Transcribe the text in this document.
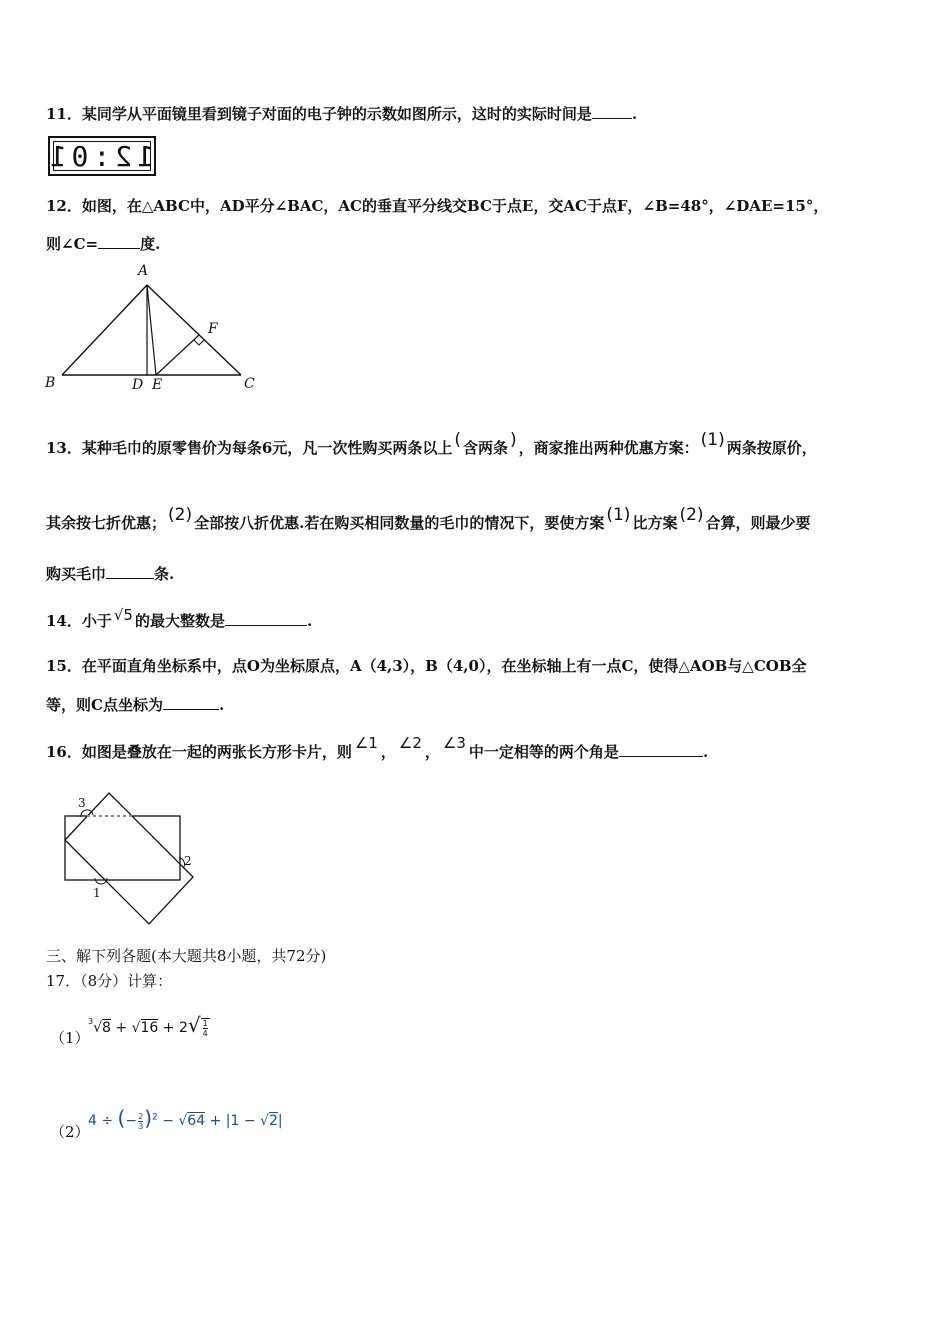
11．某同学从平面镜里看到镜子对面的电子钟的示数如图所示，这时的实际时间是	.
12:01
12．如图，在△ABC中，AD平分∠BAC，AC的垂直平分线交BC于点E，交AC于点F，∠B=48°，∠DAE=15°，
则∠C=	度.
A
B	C
D E
F
13．某种毛巾的原零售价为每条6元，凡一次性购买两条以上 ( 含两条 ) ，商家推出两种优惠方案： (1) 两条按原价，
其余按七折优惠； (2) 全部按八折优惠.若在购买相同数量的毛巾的情况下，要使方案 (1) 比方案 (2) 合算，则最少要
购买毛巾	条.
14．小于 √5 的最大整数是	.
15．在平面直角坐标系中，点O为坐标原点，A（4,3），B（4,0），在坐标轴上有一点C，使得△AOB与△COB全
等，则C点坐标为	.
16．如图是叠放在一起的两张长方形卡片，则 ∠1 ， ∠2 ， ∠3 中一定相等的两个角是	.
1
2
3
三、解下列各题(本大题共8小题，共72分)
17．（8分）计算：
（1）
$^3√8 + √16 + 2√ \frac{1}{4}$
（2）
4 ÷ (− $\frac{2}{3} )^2 - √64 + |1 - √2|$
